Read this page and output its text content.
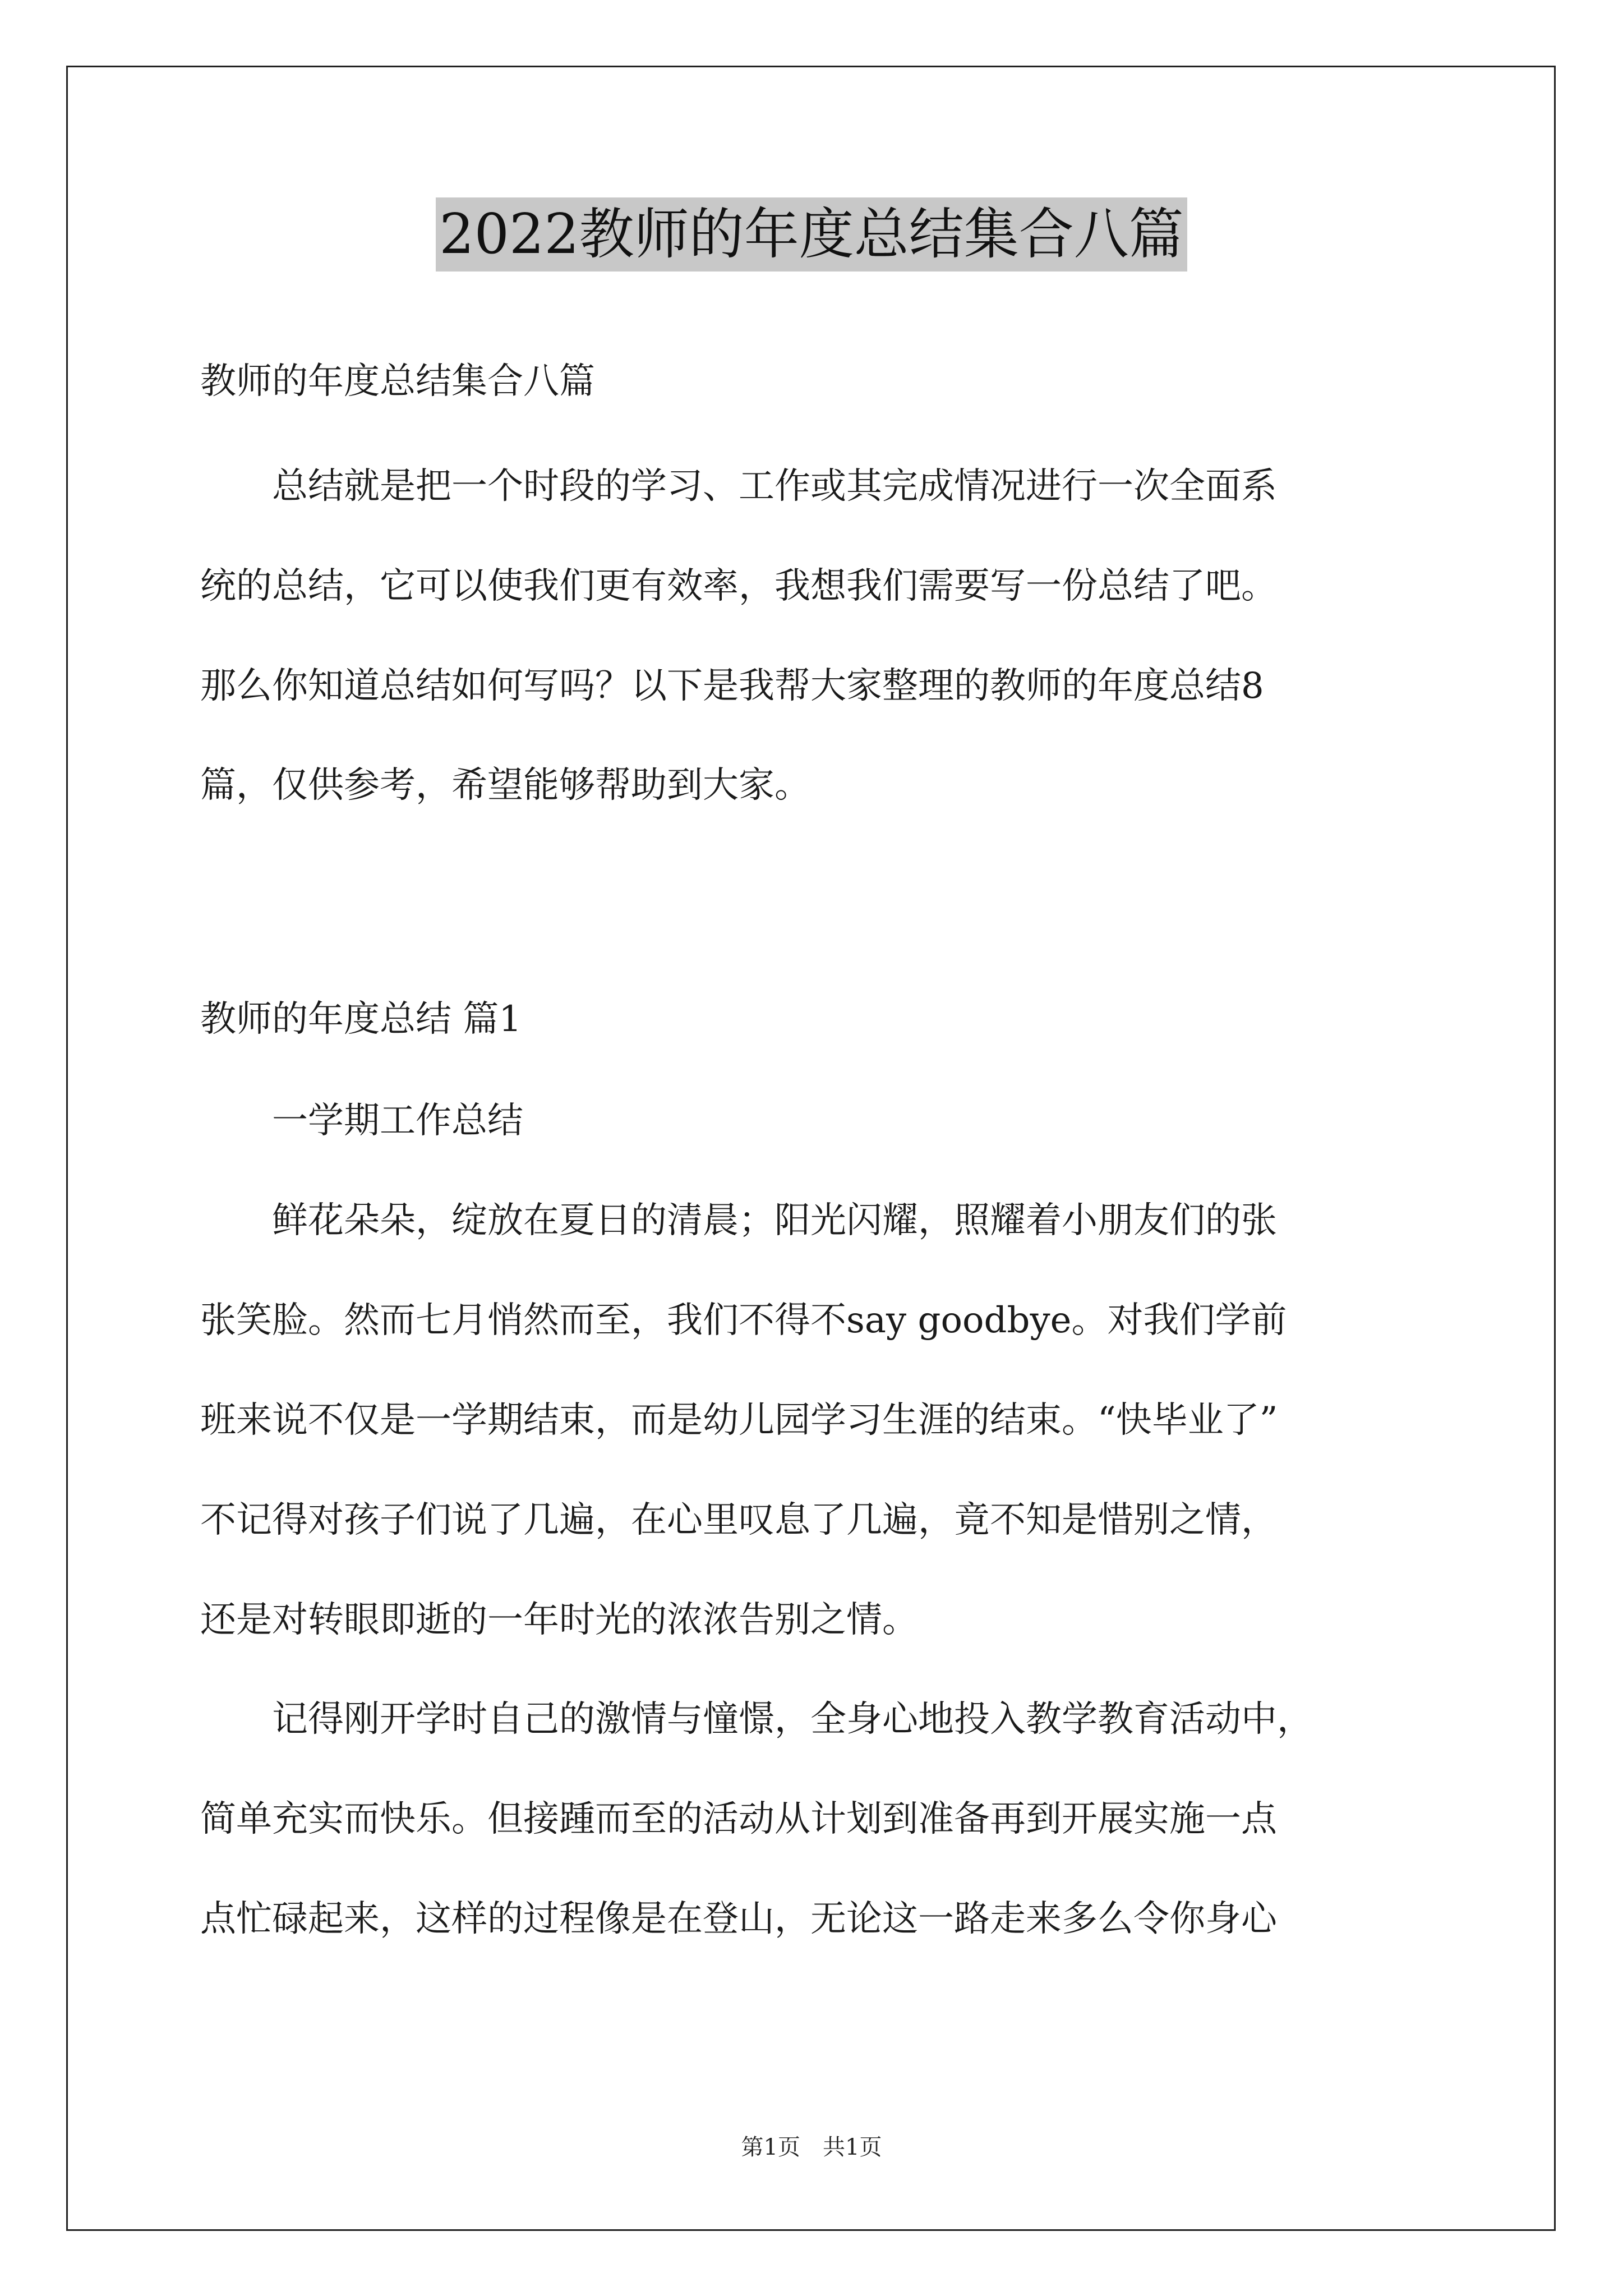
2022教师的年度总结集合八篇
教师的年度总结集合八篇
　　总结就是把一个时段的学习、工作或其完成情况进行一次全面系
统的总结，它可以使我们更有效率，我想我们需要写一份总结了吧。
那么你知道总结如何写吗？以下是我帮大家整理的教师的年度总结8
篇，仅供参考，希望能够帮助到大家。
教师的年度总结 篇1
　　一学期工作总结
　　鲜花朵朵，绽放在夏日的清晨；阳光闪耀，照耀着小朋友们的张
张笑脸。然而七月悄然而至，我们不得不say goodbye。对我们学前
班来说不仅是一学期结束，而是幼儿园学习生涯的结束。“快毕业了”
不记得对孩子们说了几遍，在心里叹息了几遍，竟不知是惜别之情，
还是对转眼即逝的一年时光的浓浓告别之情。
　　记得刚开学时自己的激情与憧憬，全身心地投入教学教育活动中，
简单充实而快乐。但接踵而至的活动从计划到准备再到开展实施一点
点忙碌起来，这样的过程像是在登山，无论这一路走来多么令你身心
第1页　共1页
